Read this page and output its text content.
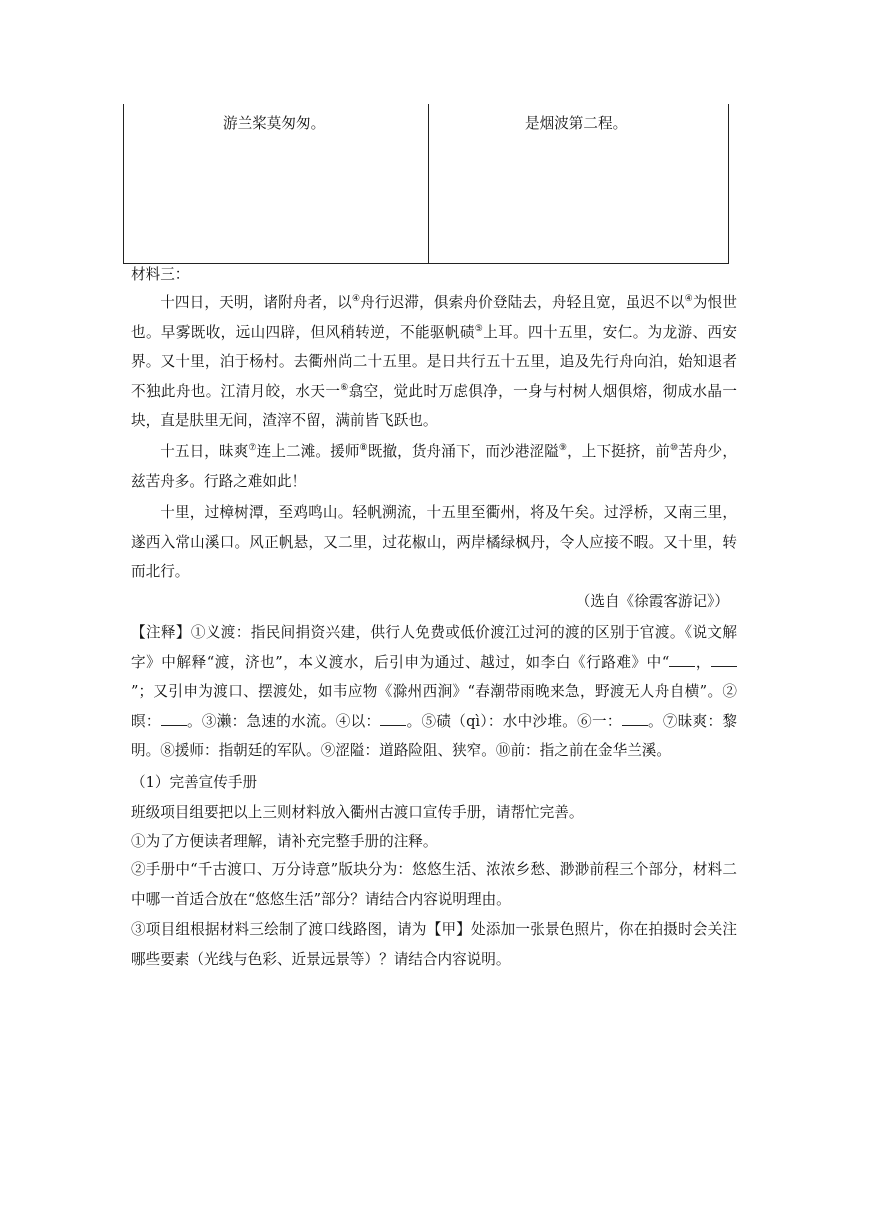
游兰桨莫匆匆。	是烟波第二程。
材料三：
十四日，天明，诸附舟者，以④舟行迟滞，俱索舟价登陆去，舟轻且宽，虽迟不以④为恨世也。早雾既收，远山四辟，但风稍转逆，不能驱帆碛⑤上耳。四十五里，安仁。为龙游、西安界。又十里，泊于杨村。去衢州尚二十五里。是日共行五十五里，追及先行舟向泊，始知退者不独此舟也。江清月皎，水天一⑥翕空，觉此时万虑俱净，一身与村树人烟俱熔，彻成水晶一块，直是肤里无间，渣滓不留，满前皆飞跃也。
十五日，昧爽⑦连上二滩。援师⑧既撤，货舟涌下，而沙港涩隘⑨，上下挺挤，前⑩苦舟少，兹苦舟多。行路之难如此！
十里，过樟树潭，至鸡鸣山。轻帆溯流，十五里至衢州，将及午矣。过浮桥，又南三里，遂西入常山溪口。风正帆悬，又二里，过花椒山，两岸橘绿枫丹，令人应接不暇。又十里，转而北行。
（选自《徐霞客游记》）
【注释】①义渡：指民间捐资兴建，供行人免费或低价渡江过河的渡的区别于官渡。《说文解字》中解释“渡，济也”，本义渡水，后引申为通过、越过，如李白《行路难》中“ ，”；又引申为渡口、摆渡处，如韦应物《滁州西涧》“春潮带雨晚来急，野渡无人舟自横”。②暝： 。③濑：急速的水流。④以： 。⑤碛（qì）：水中沙堆。⑥一： 。⑦昧爽：黎明。⑧援师：指朝廷的军队。⑨涩隘：道路险阻、狭窄。⑩前：指之前在金华兰溪。
（1）完善宣传手册
班级项目组要把以上三则材料放入衢州古渡口宣传手册，请帮忙完善。
①为了方便读者理解，请补充完整手册的注释。
②手册中“千古渡口、万分诗意”版块分为：悠悠生活、浓浓乡愁、渺渺前程三个部分，材料二中哪一首适合放在“悠悠生活”部分？请结合内容说明理由。
③项目组根据材料三绘制了渡口线路图，请为【甲】处添加一张景色照片，你在拍摄时会关注哪些要素（光线与色彩、近景远景等）？请结合内容说明。
